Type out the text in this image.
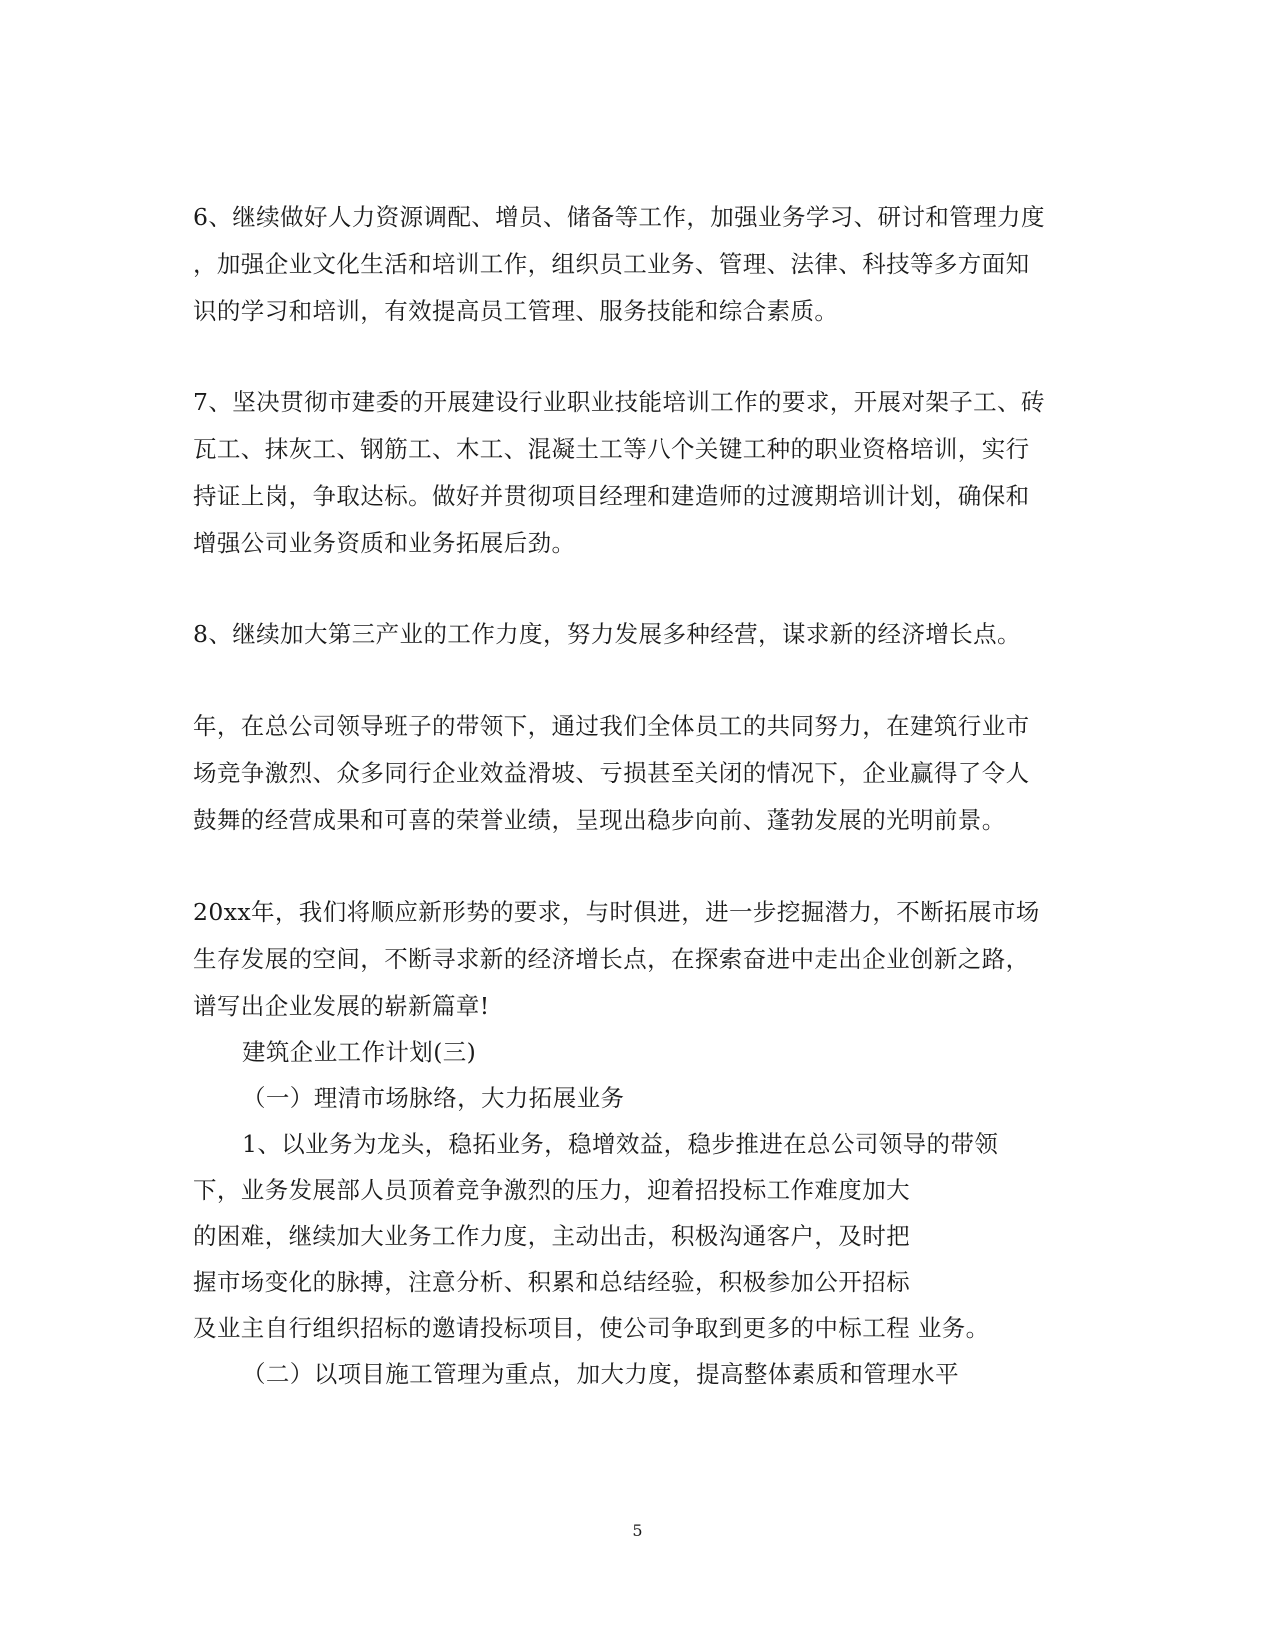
6、继续做好人力资源调配、增员、储备等工作，加强业务学习、研讨和管理力度
，加强企业文化生活和培训工作，组织员工业务、管理、法律、科技等多方面知
识的学习和培训，有效提高员工管理、服务技能和综合素质。
7、坚决贯彻市建委的开展建设行业职业技能培训工作的要求，开展对架子工、砖
瓦工、抹灰工、钢筋工、木工、混凝土工等八个关键工种的职业资格培训，实行
持证上岗，争取达标。做好并贯彻项目经理和建造师的过渡期培训计划，确保和
增强公司业务资质和业务拓展后劲。
8、继续加大第三产业的工作力度，努力发展多种经营，谋求新的经济增长点。
年，在总公司领导班子的带领下，通过我们全体员工的共同努力，在建筑行业市
场竞争激烈、众多同行企业效益滑坡、亏损甚至关闭的情况下，企业赢得了令人
鼓舞的经营成果和可喜的荣誉业绩，呈现出稳步向前、蓬勃发展的光明前景。
20xx年，我们将顺应新形势的要求，与时俱进，进一步挖掘潜力，不断拓展市场
生存发展的空间，不断寻求新的经济增长点，在探索奋进中走出企业创新之路，
谱写出企业发展的崭新篇章!
建筑企业工作计划(三)
（一）理清市场脉络，大力拓展业务
1、以业务为龙头，稳拓业务，稳增效益，稳步推进在总公司领导的带领
下，业务发展部人员顶着竞争激烈的压力，迎着招投标工作难度加大
的困难，继续加大业务工作力度，主动出击，积极沟通客户，及时把
握市场变化的脉搏，注意分析、积累和总结经验，积极参加公开招标
及业主自行组织招标的邀请投标项目，使公司争取到更多的中标工程 业务。
（二）以项目施工管理为重点，加大力度，提高整体素质和管理水平
5
